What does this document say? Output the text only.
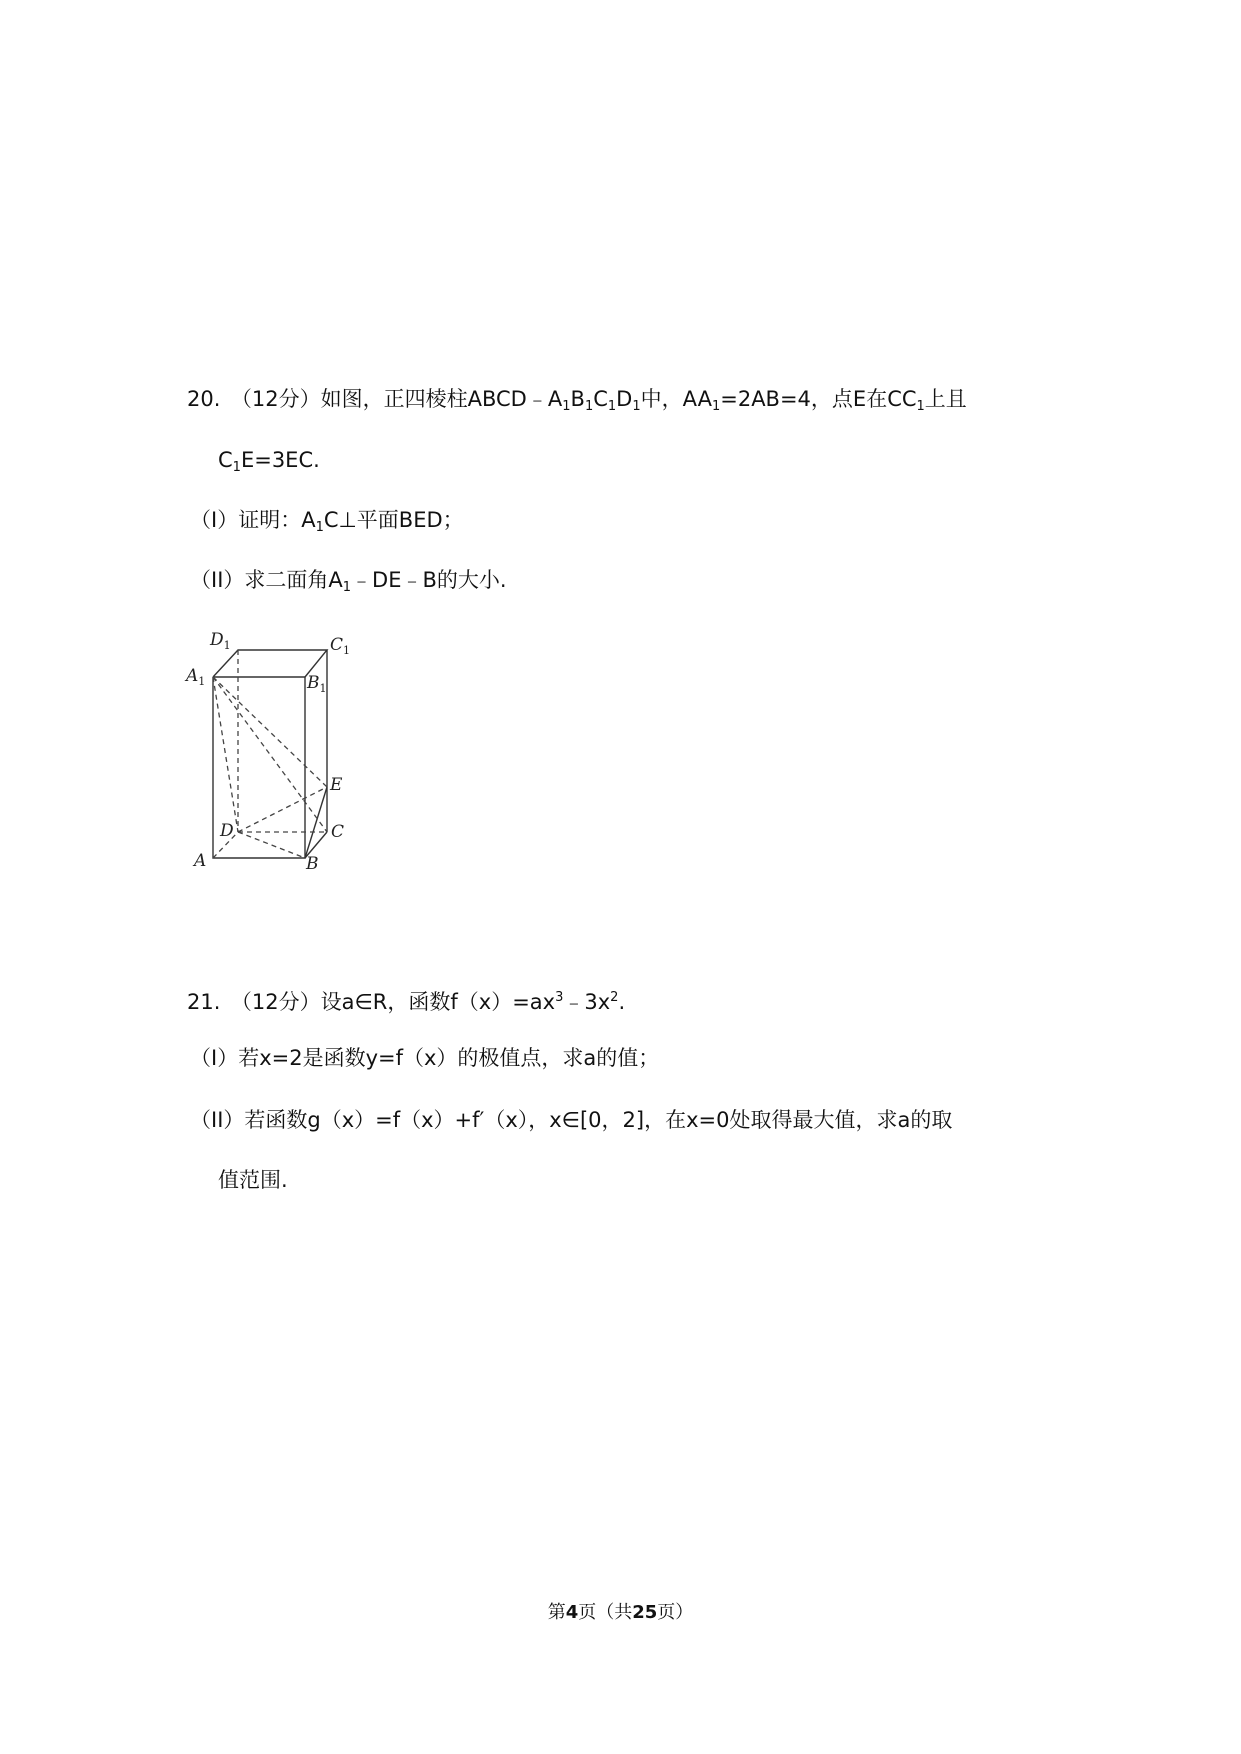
20.　（12分）如图，正四棱柱$ABCD﹣A_1B_1C_1D_1$中，$AA_1=2AB=4$，点E在$CC_1$上且
$C_1E=3EC$.
（I）证明：$A_1C\perp$平面BED；
（II）求二面角$A_1﹣DE﹣B$的大小.
$D_1$	$C_1$
$A_1$	$B_1$
E
D	C
A	B
21.　（12分）设a∈R，函数$f(x)=ax^3﹣3x^2$.
（I）若x=2是函数y=f（x）的极值点，求a的值；
（II）若函数g（x）=f（x）+f′（x），x∈[0，2]，在x=0处取得最大值，求a的取
值范围.
第4页（共25页）
